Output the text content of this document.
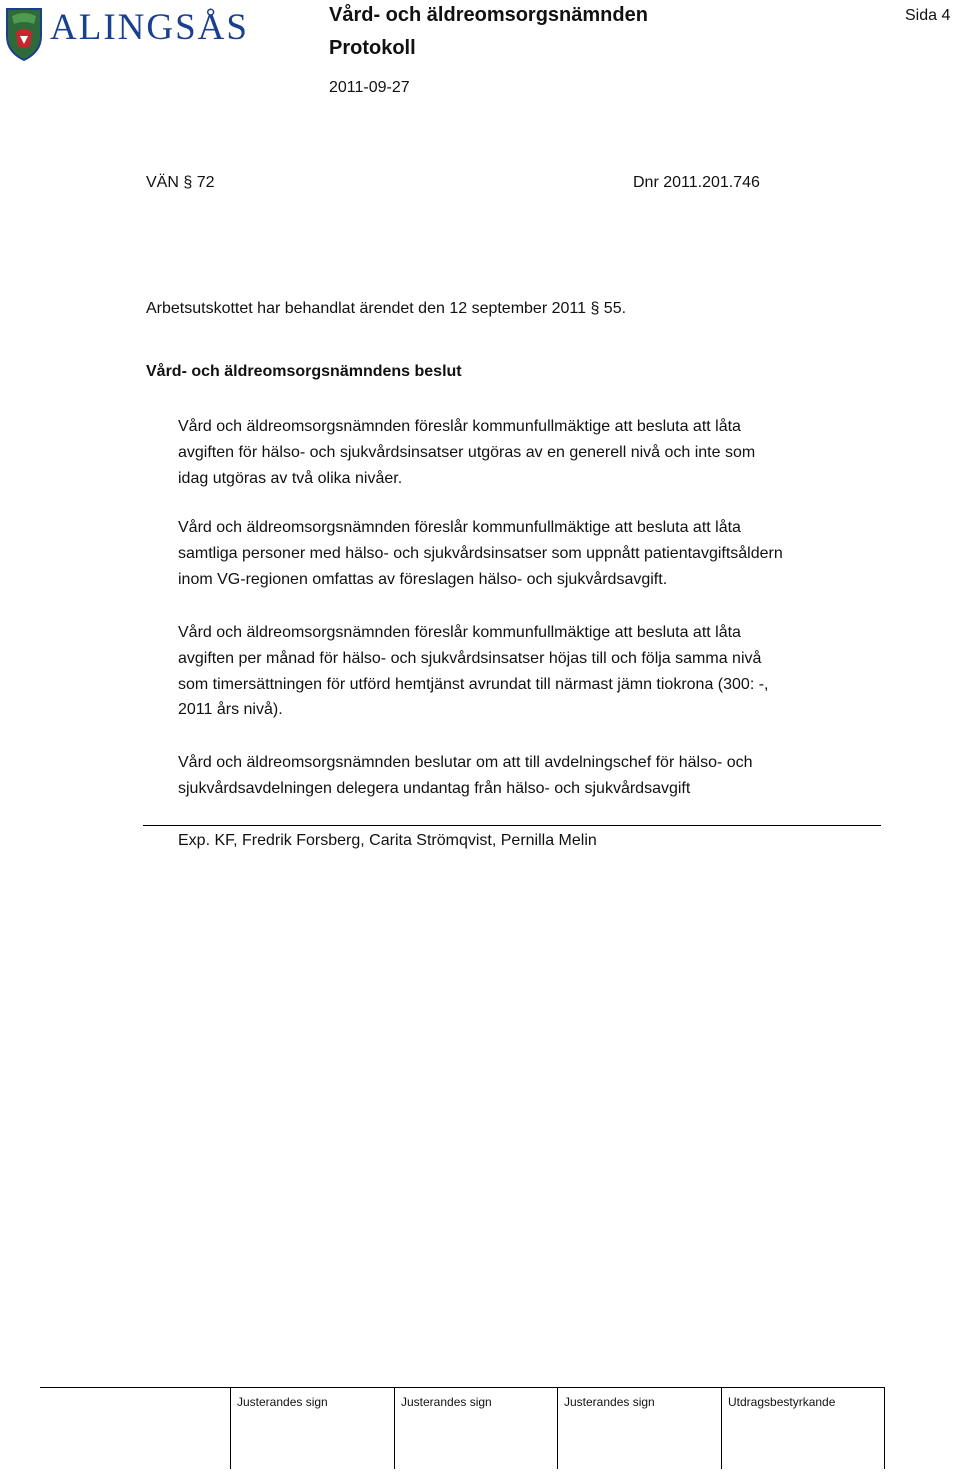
ALINGSÅS	Vård- och äldreomsorgsnämnden
Protokoll
2011-09-27
Sida 4
VÄN § 72	Dnr 2011.201.746
Arbetsutskottet har behandlat ärendet den 12 september 2011 § 55.
Vård- och äldreomsorgsnämndens beslut
Vård och äldreomsorgsnämnden föreslår kommunfullmäktige att besluta att låta
avgiften för hälso- och sjukvårdsinsatser utgöras av en generell nivå och inte som
idag utgöras av två olika nivåer.
Vård och äldreomsorgsnämnden föreslår kommunfullmäktige att besluta att låta
samtliga personer med hälso- och sjukvårdsinsatser som uppnått patientavgiftsåldern
inom VG-regionen omfattas av föreslagen hälso- och sjukvårdsavgift.
Vård och äldreomsorgsnämnden föreslår kommunfullmäktige att besluta att låta
avgiften per månad för hälso- och sjukvårdsinsatser höjas till och följa samma nivå
som timersättningen för utförd hemtjänst avrundat till närmast jämn tiokrona (300: -,
2011 års nivå).
Vård och äldreomsorgsnämnden beslutar om att till avdelningschef för hälso- och
sjukvårdsavdelningen delegera undantag från hälso- och sjukvårdsavgift
Exp. KF, Fredrik Forsberg, Carita Strömqvist, Pernilla Melin
Justerandes sign	Justerandes sign	Justerandes sign	Utdragsbestyrkande
